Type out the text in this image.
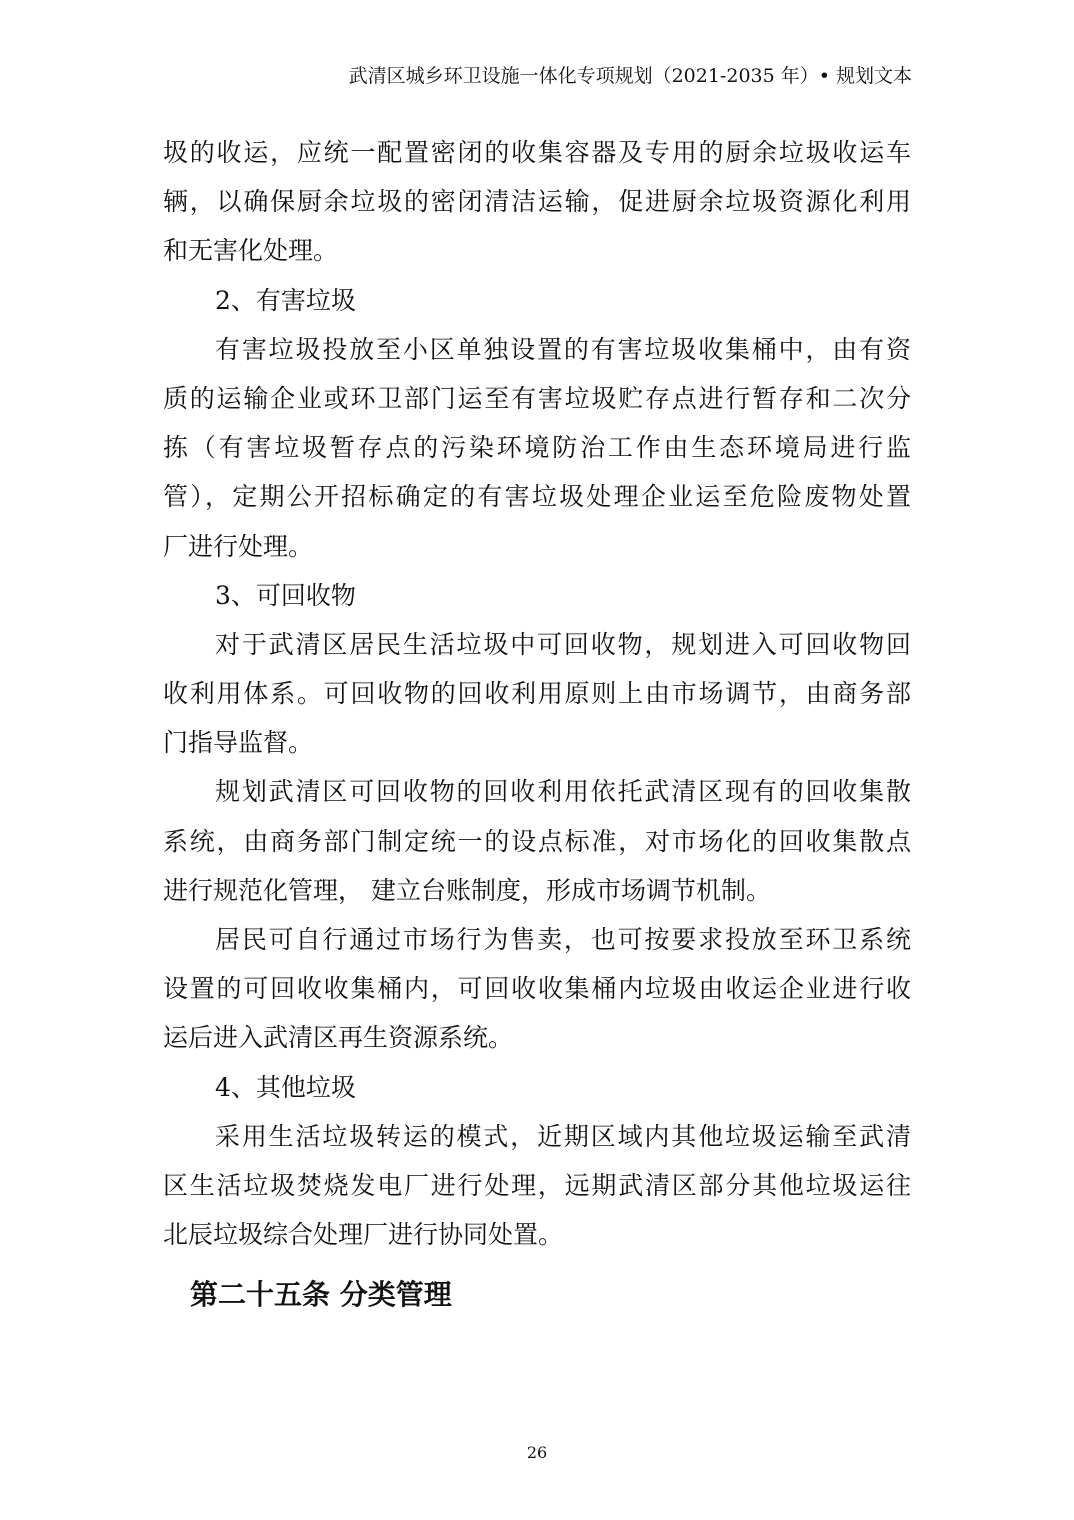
武清区城乡环卫设施一体化专项规划（2021-2035 年）• 规划文本
圾的收运，应统一配置密闭的收集容器及专用的厨余垃圾收运车
辆，以确保厨余垃圾的密闭清洁运输，促进厨余垃圾资源化利用
和无害化处理。
2、有害垃圾
有害垃圾投放至小区单独设置的有害垃圾收集桶中，由有资
质的运输企业或环卫部门运至有害垃圾贮存点进行暂存和二次分
拣（有害垃圾暂存点的污染环境防治工作由生态环境局进行监
管），定期公开招标确定的有害垃圾处理企业运至危险废物处置
厂进行处理。
3、可回收物
对于武清区居民生活垃圾中可回收物，规划进入可回收物回
收利用体系。可回收物的回收利用原则上由市场调节，由商务部
门指导监督。
规划武清区可回收物的回收利用依托武清区现有的回收集散
系统，由商务部门制定统一的设点标准，对市场化的回收集散点
进行规范化管理， 建立台账制度，形成市场调节机制。
居民可自行通过市场行为售卖，也可按要求投放至环卫系统
设置的可回收收集桶内，可回收收集桶内垃圾由收运企业进行收
运后进入武清区再生资源系统。
4、其他垃圾
采用生活垃圾转运的模式，近期区域内其他垃圾运输至武清
区生活垃圾焚烧发电厂进行处理，远期武清区部分其他垃圾运往
北辰垃圾综合处理厂进行协同处置。
第二十五条 分类管理
26
